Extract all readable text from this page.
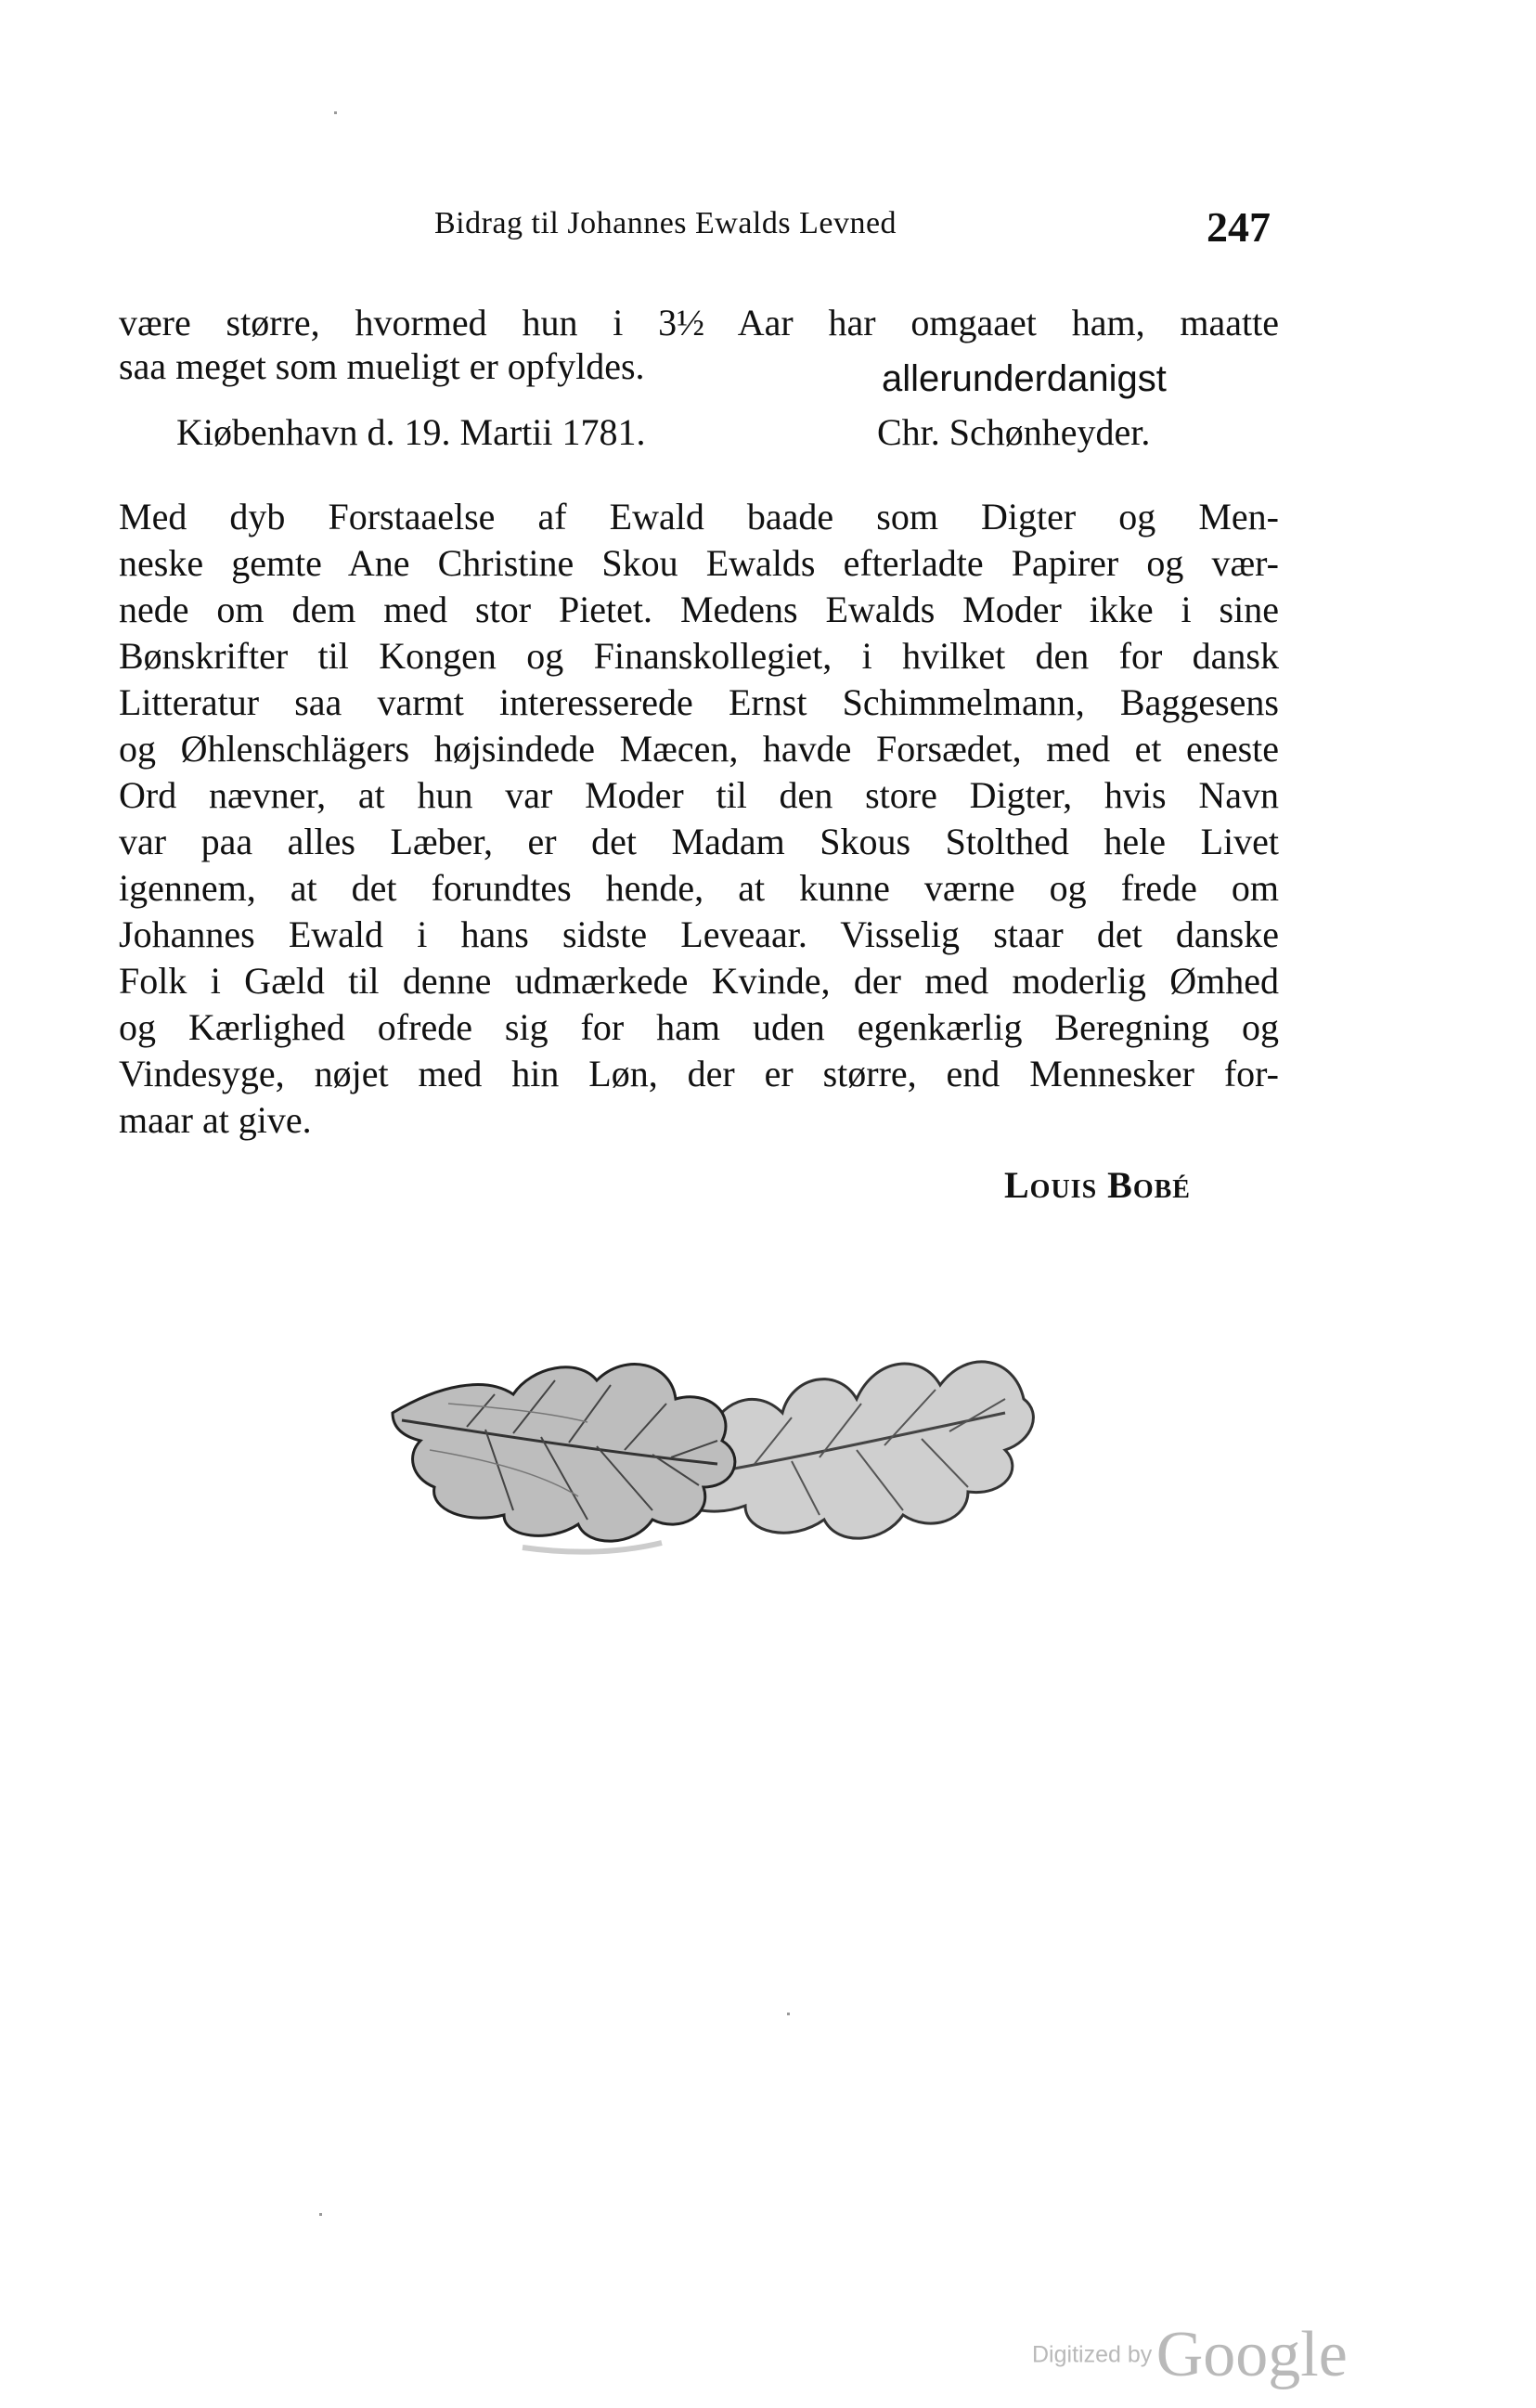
Bidrag til Johannes Ewalds Levned	247
være større, hvormed hun i 3½ Aar har omgaaet ham, maatte
saa meget som mueligt er opfyldes.	allerunderdanigst
Kiøbenhavn d. 19. Martii 1781.	Chr. Schønheyder.
Med dyb Forstaaelse af Ewald baade som Digter og Men-
neske gemte Ane Christine Skou Ewalds efterladte Papirer og vær-
nede om dem med stor Pietet. Medens Ewalds Moder ikke i sine
Bønskrifter til Kongen og Finanskollegiet, i hvilket den for dansk
Litteratur saa varmt interesserede Ernst Schimmelmann, Baggesens
og Øhlenschlägers højsindede Mæcen, havde Forsædet, med et eneste
Ord nævner, at hun var Moder til den store Digter, hvis Navn
var paa alles Læber, er det Madam Skous Stolthed hele Livet
igennem, at det forundtes hende, at kunne værne og frede om
Johannes Ewald i hans sidste Leveaar. Visselig staar det danske
Folk i Gæld til denne udmærkede Kvinde, der med moderlig Ømhed
og Kærlighed ofrede sig for ham uden egenkærlig Beregning og
Vindesyge, nøjet med hin Løn, der er større, end Mennesker for-
maar at give.
Louis Bobé
Digitized by Google
